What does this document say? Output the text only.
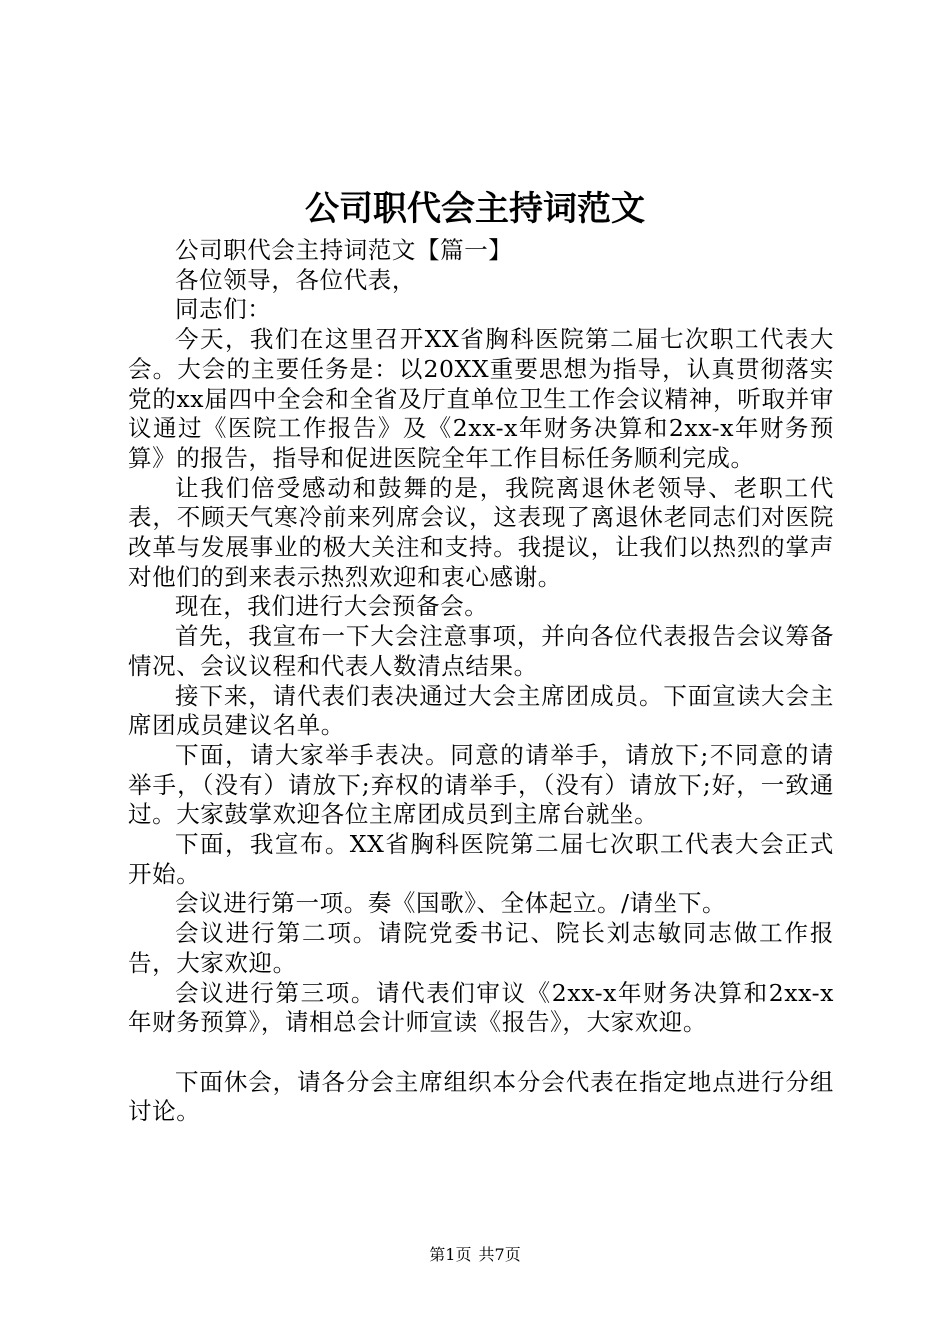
公司职代会主持词范文

公司职代会主持词范文【篇一】

各位领导，各位代表，

同志们：

今天，我们在这里召开XX省胸科医院第二届七次职工代表大会。大会的主要任务是：以20XX重要思想为指导，认真贯彻落实党的xx届四中全会和全省及厅直单位卫生工作会议精神，听取并审议通过《医院工作报告》及《2xx-x年财务决算和2xx-x年财务预算》的报告，指导和促进医院全年工作目标任务顺利完成。

让我们倍受感动和鼓舞的是，我院离退休老领导、老职工代表，不顾天气寒冷前来列席会议，这表现了离退休老同志们对医院改革与发展事业的极大关注和支持。我提议，让我们以热烈的掌声对他们的到来表示热烈欢迎和衷心感谢。

现在，我们进行大会预备会。

首先，我宣布一下大会注意事项，并向各位代表报告会议筹备情况、会议议程和代表人数清点结果。

接下来，请代表们表决通过大会主席团成员。下面宣读大会主席团成员建议名单。

下面，请大家举手表决。同意的请举手，请放下;不同意的请举手，（没有）请放下;弃权的请举手，（没有）请放下;好，一致通过。大家鼓掌欢迎各位主席团成员到主席台就坐。

下面，我宣布。XX省胸科医院第二届七次职工代表大会正式开始。

会议进行第一项。奏《国歌》、全体起立。/请坐下。

会议进行第二项。请院党委书记、院长刘志敏同志做工作报告，大家欢迎。

会议进行第三项。请代表们审议《2xx-x年财务决算和2xx-x年财务预算》，请相总会计师宣读《报告》，大家欢迎。

下面休会，请各分会主席组织本分会代表在指定地点进行分组讨论。

第1页 共7页
